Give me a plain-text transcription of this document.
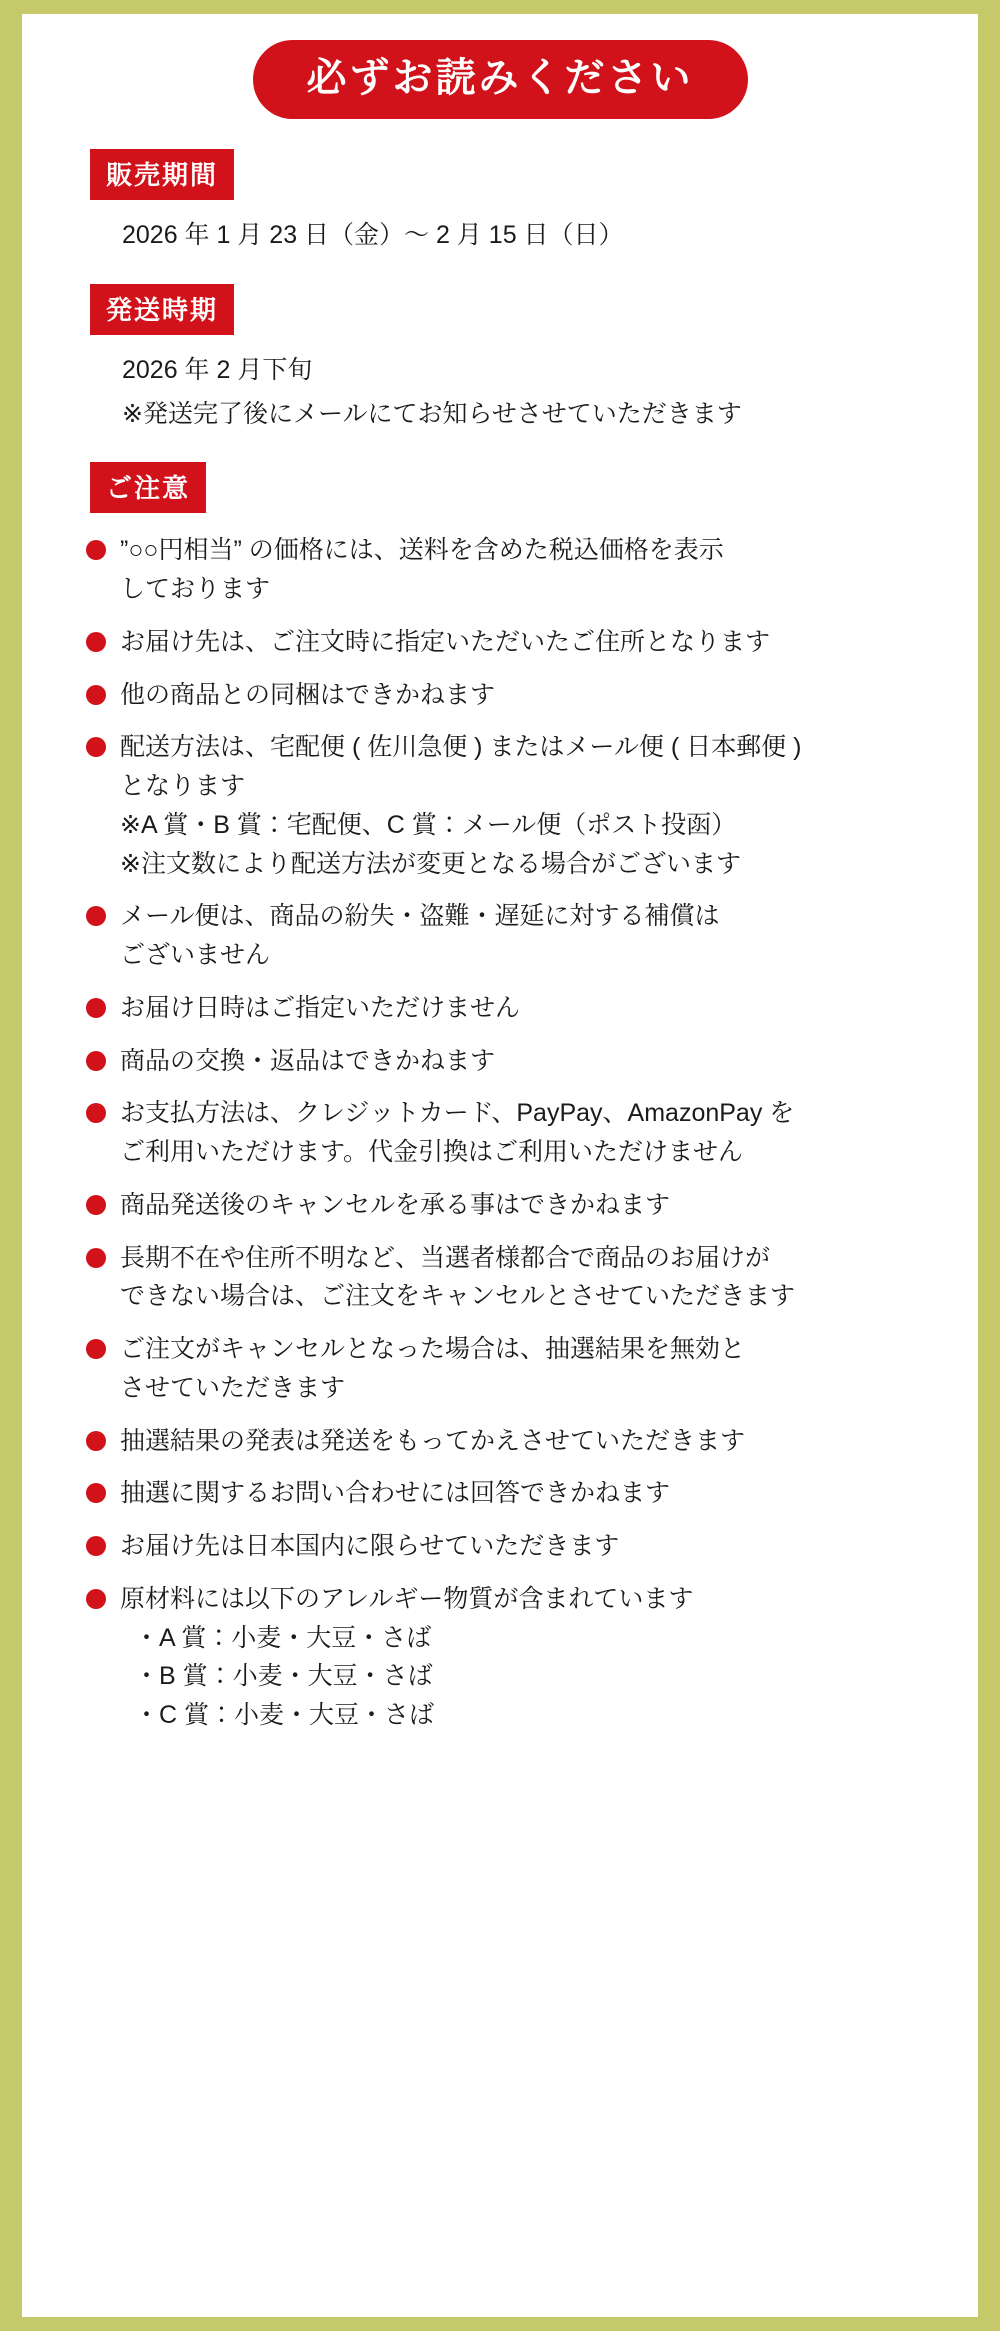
必ずお読みください
販売期間
2026 年 1 月 23 日（金）〜 2 月 15 日（日）
発送時期
2026 年 2 月下旬
※発送完了後にメールにてお知らせさせていただきます
ご注意
”○○円相当” の価格には、送料を含めた税込価格を表示
しております
お届け先は、ご注文時に指定いただいたご住所となります
他の商品との同梱はできかねます
配送方法は、宅配便 ( 佐川急便 ) またはメール便 ( 日本郵便 )
となります
※A 賞・B 賞：宅配便、C 賞：メール便（ポスト投函）
※注文数により配送方法が変更となる場合がございます
メール便は、商品の紛失・盗難・遅延に対する補償は
ございません
お届け日時はご指定いただけません
商品の交換・返品はできかねます
お支払方法は、クレジットカード、PayPay、AmazonPay を
ご利用いただけます。代金引換はご利用いただけません
商品発送後のキャンセルを承る事はできかねます
長期不在や住所不明など、当選者様都合で商品のお届けが
できない場合は、ご注文をキャンセルとさせていただきます
ご注文がキャンセルとなった場合は、抽選結果を無効と
させていただきます
抽選結果の発表は発送をもってかえさせていただきます
抽選に関するお問い合わせには回答できかねます
お届け先は日本国内に限らせていただきます
原材料には以下のアレルギー物質が含まれています
・A 賞：小麦・大豆・さば
・B 賞：小麦・大豆・さば
・C 賞：小麦・大豆・さば
